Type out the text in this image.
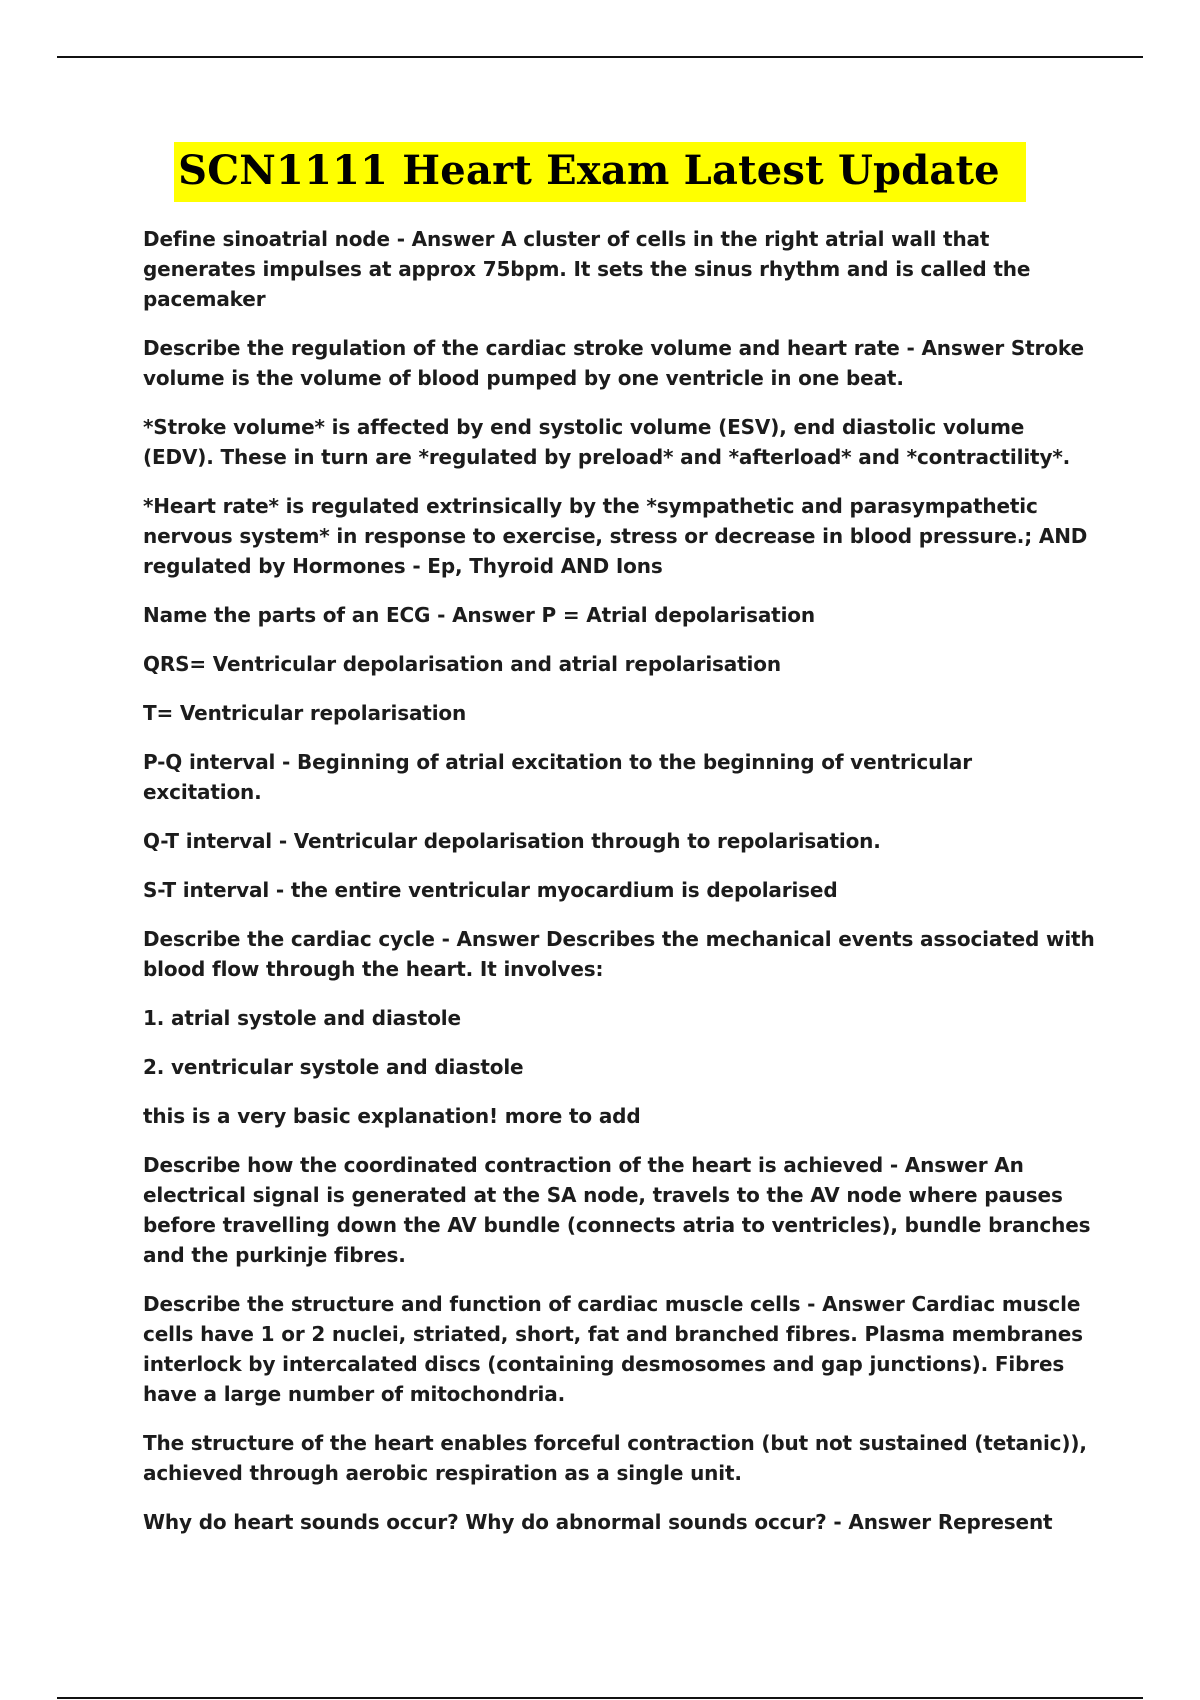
SCN1111 Heart Exam Latest Update

Define sinoatrial node - Answer A cluster of cells in the right atrial wall that generates impulses at approx 75bpm. It sets the sinus rhythm and is called the pacemaker

Describe the regulation of the cardiac stroke volume and heart rate - Answer Stroke volume is the volume of blood pumped by one ventricle in one beat.

*Stroke volume* is affected by end systolic volume (ESV), end diastolic volume (EDV). These in turn are *regulated by preload* and *afterload* and *contractility*.

*Heart rate* is regulated extrinsically by the *sympathetic and parasympathetic nervous system* in response to exercise, stress or decrease in blood pressure.; AND regulated by Hormones - Ep, Thyroid AND Ions

Name the parts of an ECG - Answer P = Atrial depolarisation

QRS= Ventricular depolarisation and atrial repolarisation

T= Ventricular repolarisation

P-Q interval - Beginning of atrial excitation to the beginning of ventricular excitation.

Q-T interval - Ventricular depolarisation through to repolarisation.

S-T interval - the entire ventricular myocardium is depolarised

Describe the cardiac cycle - Answer Describes the mechanical events associated with blood flow through the heart. It involves:

1. atrial systole and diastole

2. ventricular systole and diastole

this is a very basic explanation! more to add

Describe how the coordinated contraction of the heart is achieved - Answer An electrical signal is generated at the SA node, travels to the AV node where pauses before travelling down the AV bundle (connects atria to ventricles), bundle branches and the purkinje fibres.

Describe the structure and function of cardiac muscle cells - Answer Cardiac muscle cells have 1 or 2 nuclei, striated, short, fat and branched fibres. Plasma membranes interlock by intercalated discs (containing desmosomes and gap junctions). Fibres have a large number of mitochondria.

The structure of the heart enables forceful contraction (but not sustained (tetanic)), achieved through aerobic respiration as a single unit.

Why do heart sounds occur? Why do abnormal sounds occur? - Answer Represent
